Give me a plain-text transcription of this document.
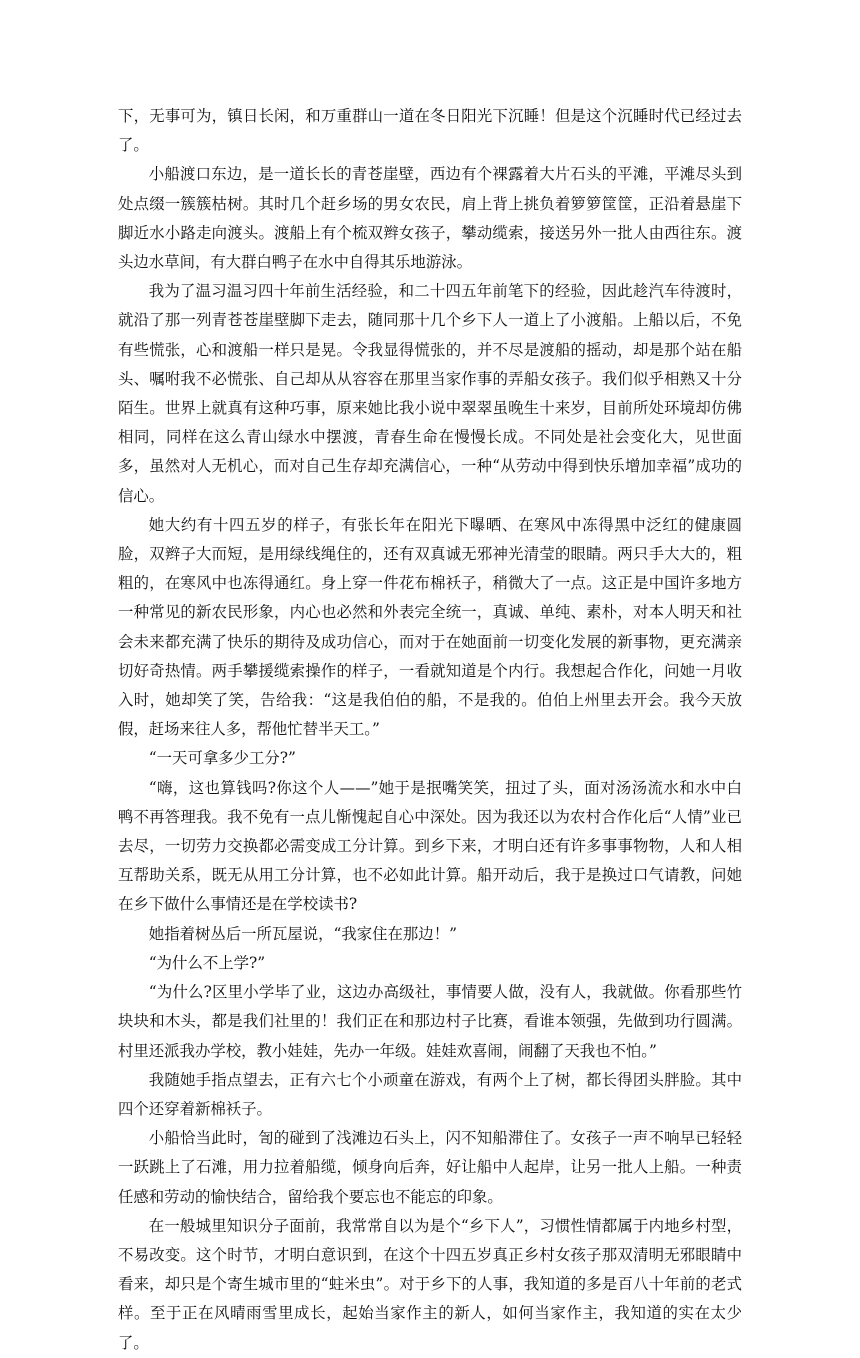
下，无事可为，镇日长闲，和万重群山一道在冬日阳光下沉睡！但是这个沉睡时代已经过去了。

小船渡口东边，是一道长长的青苍崖壁，西边有个裸露着大片石头的平滩，平滩尽头到处点缀一簇簇枯树。其时几个赶乡场的男女农民，肩上背上挑负着箩箩筐筐，正沿着悬崖下脚近水小路走向渡头。渡船上有个梳双辫女孩子，攀动缆索，接送另外一批人由西往东。渡头边水草间，有大群白鸭子在水中自得其乐地游泳。

我为了温习温习四十年前生活经验，和二十四五年前笔下的经验，因此趁汽车待渡时，就沿了那一列青苍苍崖壁脚下走去，随同那十几个乡下人一道上了小渡船。上船以后，不免有些慌张，心和渡船一样只是晃。令我显得慌张的，并不尽是渡船的摇动，却是那个站在船头、嘱咐我不必慌张、自己却从从容容在那里当家作事的弄船女孩子。我们似乎相熟又十分陌生。世界上就真有这种巧事，原来她比我小说中翠翠虽晚生十来岁，目前所处环境却仿佛相同，同样在这么青山绿水中摆渡，青春生命在慢慢长成。不同处是社会变化大，见世面多，虽然对人无机心，而对自己生存却充满信心，一种“从劳动中得到快乐增加幸福”成功的信心。

她大约有十四五岁的样子，有张长年在阳光下曝晒、在寒风中冻得黑中泛红的健康圆脸，双辫子大而短，是用绿线绳住的，还有双真诚无邪神光清莹的眼睛。两只手大大的，粗粗的，在寒风中也冻得通红。身上穿一件花布棉袄子，稍微大了一点。这正是中国许多地方一种常见的新农民形象，内心也必然和外表完全统一，真诚、单纯、素朴，对本人明天和社会未来都充满了快乐的期待及成功信心，而对于在她面前一切变化发展的新事物，更充满亲切好奇热情。两手攀援缆索操作的样子，一看就知道是个内行。我想起合作化，问她一月收入时，她却笑了笑，告给我：“这是我伯伯的船，不是我的。伯伯上州里去开会。我今天放假，赶场来往人多，帮他忙替半天工。”

“一天可拿多少工分?”

“嗨，这也算钱吗?你这个人——”她于是抿嘴笑笑，扭过了头，面对汤汤流水和水中白鸭不再答理我。我不免有一点儿惭愧起自心中深处。因为我还以为农村合作化后“人情”业已去尽，一切劳力交换都必需变成工分计算。到乡下来，才明白还有许多事事物物，人和人相互帮助关系，既无从用工分计算，也不必如此计算。船开动后，我于是换过口气请教，问她在乡下做什么事情还是在学校读书?

她指着树丛后一所瓦屋说，“我家住在那边！”

“为什么不上学?”

“为什么?区里小学毕了业，这边办高级社，事情要人做，没有人，我就做。你看那些竹块块和木头，都是我们社里的！我们正在和那边村子比赛，看谁本领强，先做到功行圆满。村里还派我办学校，教小娃娃，先办一年级。娃娃欢喜闹，闹翻了天我也不怕。”

我随她手指点望去，正有六七个小顽童在游戏，有两个上了树，都长得团头胖脸。其中四个还穿着新棉袄子。

小船恰当此时，訇的碰到了浅滩边石头上，闪不知船滞住了。女孩子一声不响早已轻轻一跃跳上了石滩，用力拉着船缆，倾身向后奔，好让船中人起岸，让另一批人上船。一种责任感和劳动的愉快结合，留给我个要忘也不能忘的印象。

在一般城里知识分子面前，我常常自以为是个“乡下人”，习惯性情都属于内地乡村型，不易改变。这个时节，才明白意识到，在这个十四五岁真正乡村女孩子那双清明无邪眼睛中看来，却只是个寄生城市里的“蛀米虫”。对于乡下的人事，我知道的多是百八十年前的老式样。至于正在风晴雨雪里成长，起始当家作主的新人，如何当家作主，我知道的实在太少了。
